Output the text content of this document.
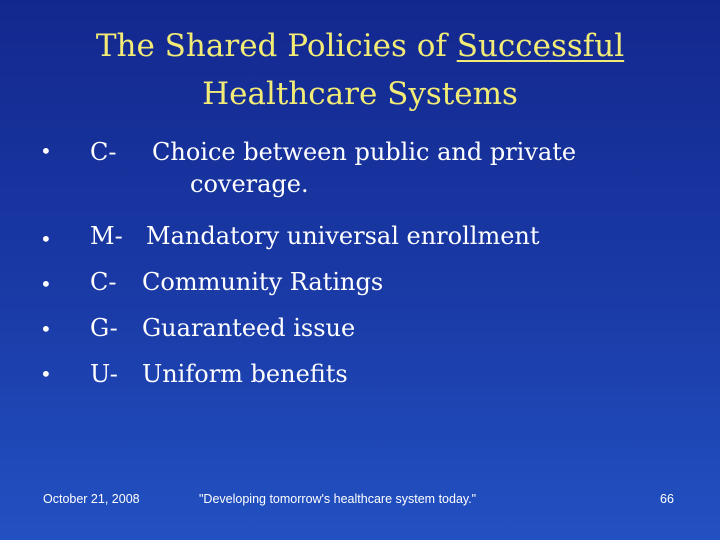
The Shared Policies of Successful
Healthcare Systems
•
•
•
•
•
C- Choice between public and private
coverage.
M- Mandatory universal enrollment
C- Community Ratings
G- Guaranteed issue
U- Uniform benefits
October 21, 2008	"Developing tomorrow's healthcare system today."	66
